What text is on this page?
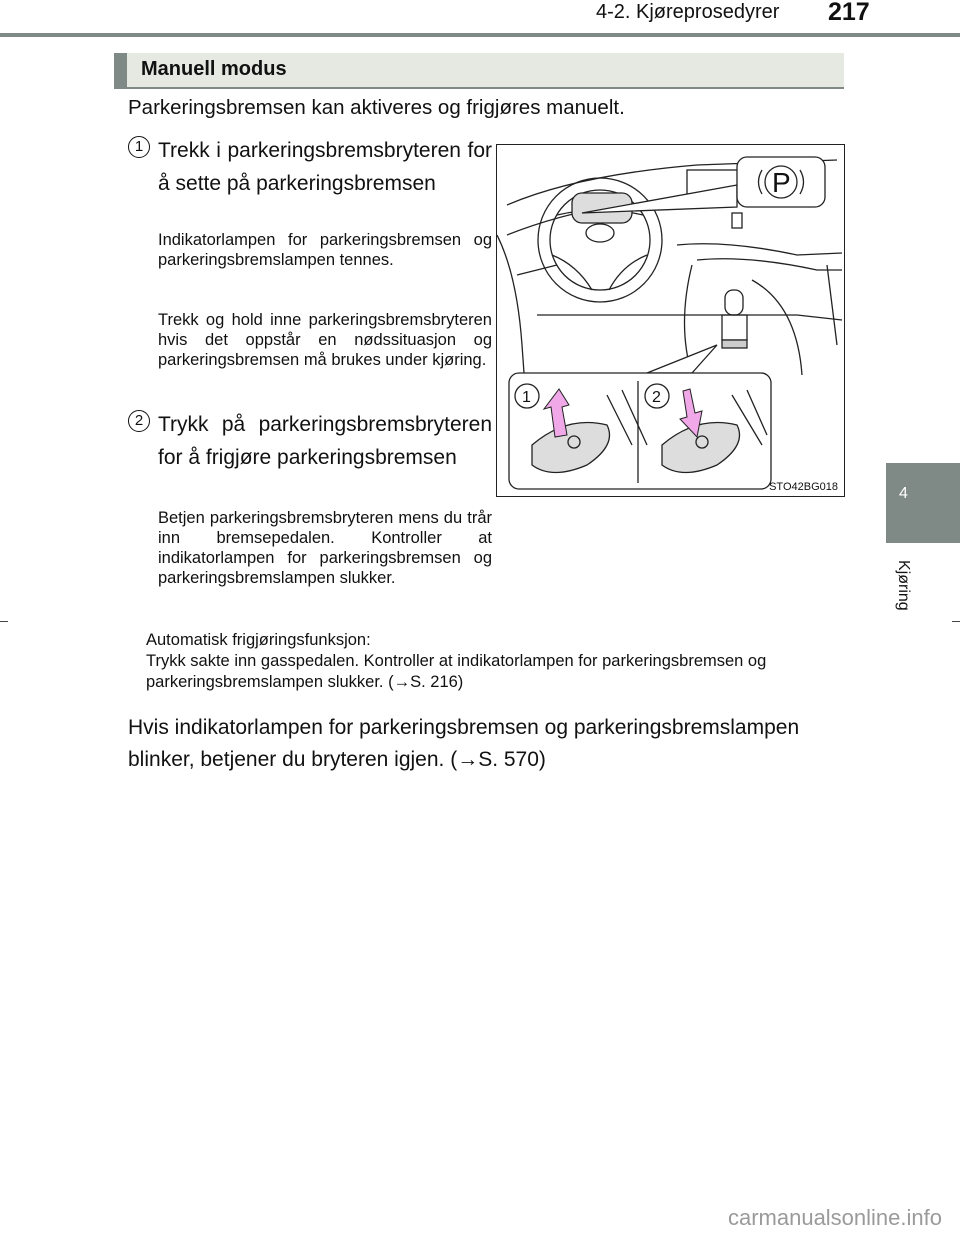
4-2. Kjøreprosedyrer 217
Manuell modus
Parkeringsbremsen kan aktiveres og frigjøres manuelt.
1 Trekk i parkeringsbremsbryteren for å sette på parkeringsbremsen
Indikatorlampen for parkeringsbremsen og parkeringsbremslampen tennes.
Trekk og hold inne parkeringsbremsbryteren hvis det oppstår en nødssituasjon og parkeringsbremsen må brukes under kjøring.
2 Trykk på parkeringsbremsbryteren for å frigjøre parkeringsbremsen
Betjen parkeringsbremsbryteren mens du trår inn bremsepedalen. Kontroller at indikatorlampen for parkeringsbremsen og parkeringsbremslampen slukker.
Automatisk frigjøringsfunksjon:
Trykk sakte inn gasspedalen. Kontroller at indikatorlampen for parkeringsbremsen og parkeringsbremslampen slukker. (→S. 216)
Hvis indikatorlampen for parkeringsbremsen og parkeringsbremslampen blinker, betjener du bryteren igjen. (→S. 570)
P
1	2
STO42BG018	4
Kjøring
carmanualsonline.info
